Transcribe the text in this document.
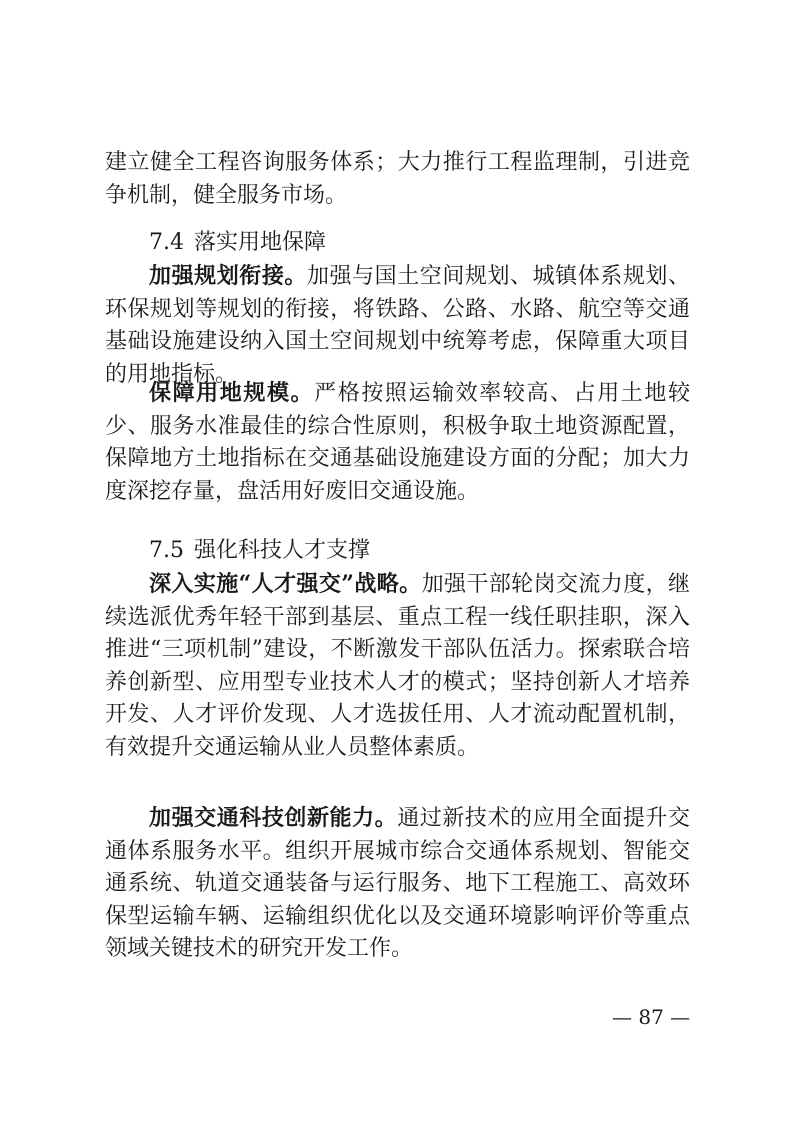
建立健全工程咨询服务体系；大力推行工程监理制，引进竞争机制，健全服务市场。

7.4 落实用地保障

加强规划衔接。加强与国土空间规划、城镇体系规划、环保规划等规划的衔接，将铁路、公路、水路、航空等交通基础设施建设纳入国土空间规划中统筹考虑，保障重大项目的用地指标。

保障用地规模。严格按照运输效率较高、占用土地较少、服务水准最佳的综合性原则，积极争取土地资源配置，保障地方土地指标在交通基础设施建设方面的分配；加大力度深挖存量，盘活用好废旧交通设施。

7.5 强化科技人才支撑

深入实施“人才强交”战略。加强干部轮岗交流力度，继续选派优秀年轻干部到基层、重点工程一线任职挂职，深入推进“三项机制”建设，不断激发干部队伍活力。探索联合培养创新型、应用型专业技术人才的模式；坚持创新人才培养开发、人才评价发现、人才选拔任用、人才流动配置机制，有效提升交通运输从业人员整体素质。

加强交通科技创新能力。通过新技术的应用全面提升交通体系服务水平。组织开展城市综合交通体系规划、智能交通系统、轨道交通装备与运行服务、地下工程施工、高效环保型运输车辆、运输组织优化以及交通环境影响评价等重点领域关键技术的研究开发工作。

— 87 —
